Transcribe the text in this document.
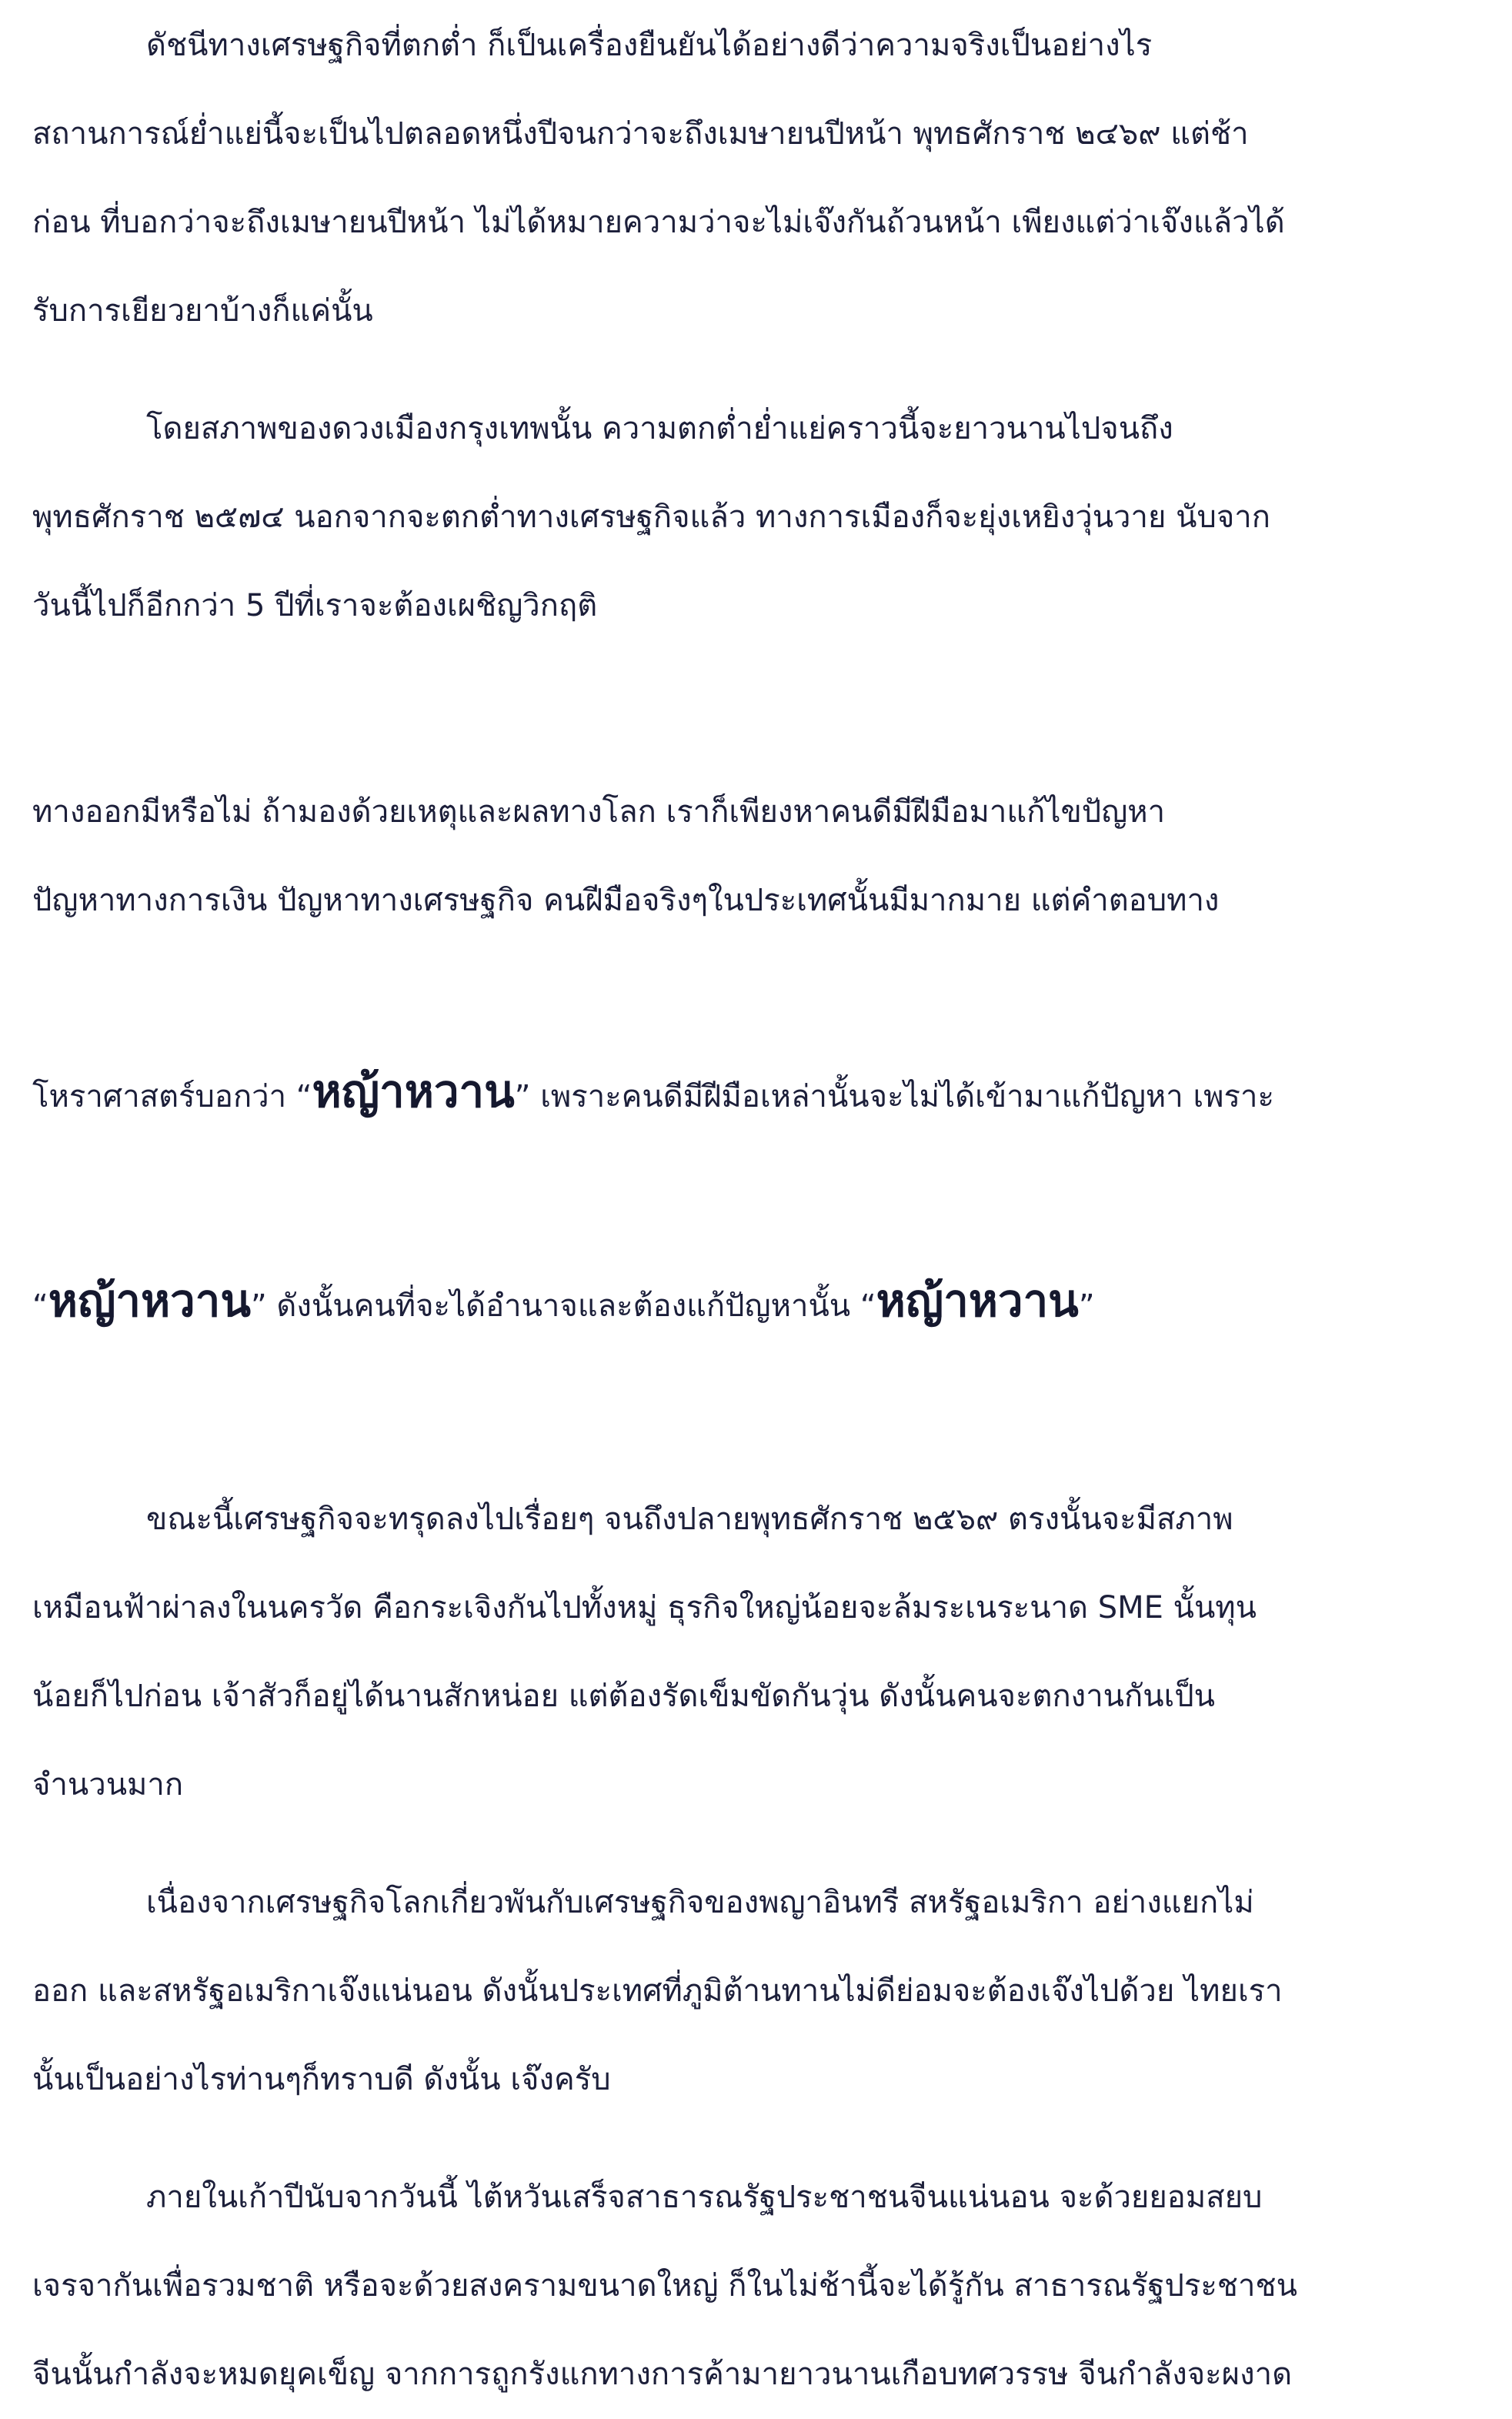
ดัชนีทางเศรษฐกิจที่ตกต่ำ ก็เป็นเครื่องยืนยันได้อย่างดีว่าความจริงเป็นอย่างไร
สถานการณ์ย่ำแย่นี้จะเป็นไปตลอดหนึ่งปีจนกว่าจะถึงเมษายนปีหน้า พุทธศักราช ๒๔๖๙ แต่ช้า
ก่อน ที่บอกว่าจะถึงเมษายนปีหน้า ไม่ได้หมายความว่าจะไม่เจ๊งกันถ้วนหน้า เพียงแต่ว่าเจ๊งแล้วได้
รับการเยียวยาบ้างก็แค่นั้น

โดยสภาพของดวงเมืองกรุงเทพนั้น ความตกต่ำย่ำแย่คราวนี้จะยาวนานไปจนถึง
พุทธศักราช ๒๕๗๔ นอกจากจะตกต่ำทางเศรษฐกิจแล้ว ทางการเมืองก็จะยุ่งเหยิงวุ่นวาย นับจาก
วันนี้ไปก็อีกกว่า 5 ปีที่เราจะต้องเผชิญวิกฤติ

ทางออกมีหรือไม่ ถ้ามองด้วยเหตุและผลทางโลก เราก็เพียงหาคนดีมีฝีมือมาแก้ไขปัญหา

ปัญหาทางการเงิน ปัญหาทางเศรษฐกิจ คนฝีมือจริงๆในประเทศนั้นมีมากมาย แต่คำตอบทาง

โหราศาสตร์บอกว่า “หญ้าหวาน” เพราะคนดีมีฝีมือเหล่านั้นจะไม่ได้เข้ามาแก้ปัญหา เพราะ

“หญ้าหวาน” ดังนั้นคนที่จะได้อำนาจและต้องแก้ปัญหานั้น “หญ้าหวาน”

ขณะนี้เศรษฐกิจจะทรุดลงไปเรื่อยๆ จนถึงปลายพุทธศักราช ๒๕๖๙ ตรงนั้นจะมีสภาพ
เหมือนฟ้าผ่าลงในนครวัด คือกระเจิงกันไปทั้งหมู่ ธุรกิจใหญ่น้อยจะล้มระเนระนาด SME นั้นทุน
น้อยก็ไปก่อน เจ้าสัวก็อยู่ได้นานสักหน่อย แต่ต้องรัดเข็มขัดกันวุ่น ดังนั้นคนจะตกงานกันเป็น
จำนวนมาก

เนื่องจากเศรษฐกิจโลกเกี่ยวพันกับเศรษฐกิจของพญาอินทรี สหรัฐอเมริกา อย่างแยกไม่
ออก และสหรัฐอเมริกาเจ๊งแน่นอน ดังนั้นประเทศที่ภูมิต้านทานไม่ดีย่อมจะต้องเจ๊งไปด้วย ไทยเรา
นั้นเป็นอย่างไรท่านๆก็ทราบดี ดังนั้น เจ๊งครับ

ภายในเก้าปีนับจากวันนี้ ไต้หวันเสร็จสาธารณรัฐประชาชนจีนแน่นอน จะด้วยยอมสยบ
เจรจากันเพื่อรวมชาติ หรือจะด้วยสงครามขนาดใหญ่ ก็ในไม่ช้านี้จะได้รู้กัน สาธารณรัฐประชาชน
จีนนั้นกำลังจะหมดยุคเข็ญ จากการถูกรังแกทางการค้ามายาวนานเกือบทศวรรษ จีนกำลังจะผงาด
